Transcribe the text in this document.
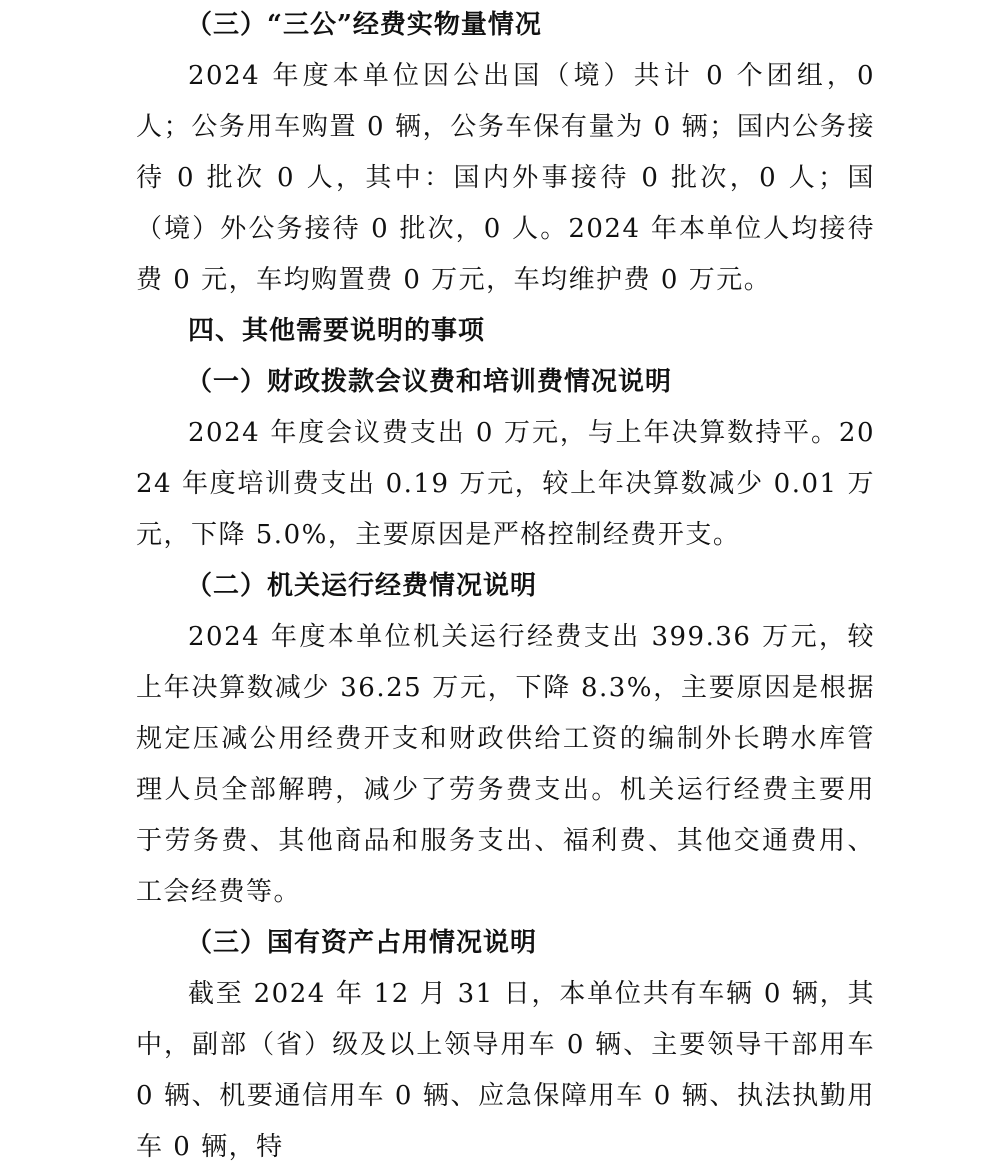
（三）“三公”经费实物量情况

2024 年度本单位因公出国（境）共计 0 个团组，0 人；公务用车购置 0 辆，公务车保有量为 0 辆；国内公务接待 0 批次 0 人，其中：国内外事接待 0 批次，0 人；国（境）外公务接待 0 批次，0 人。2024 年本单位人均接待费 0 元，车均购置费 0 万元，车均维护费 0 万元。

四、其他需要说明的事项
（一）财政拨款会议费和培训费情况说明

2024 年度会议费支出 0 万元，与上年决算数持平。2024 年度培训费支出 0.19 万元，较上年决算数减少 0.01 万元，下降 5.0%，主要原因是严格控制经费开支。

（二）机关运行经费情况说明

2024 年度本单位机关运行经费支出 399.36 万元，较上年决算数减少 36.25 万元，下降 8.3%，主要原因是根据规定压减公用经费开支和财政供给工资的编制外长聘水库管理人员全部解聘，减少了劳务费支出。机关运行经费主要用于劳务费、其他商品和服务支出、福利费、其他交通费用、工会经费等。

（三）国有资产占用情况说明

截至 2024 年 12 月 31 日，本单位共有车辆 0 辆，其中，副部（省）级及以上领导用车 0 辆、主要领导干部用车 0 辆、机要通信用车 0 辆、应急保障用车 0 辆、执法执勤用车 0 辆，特
